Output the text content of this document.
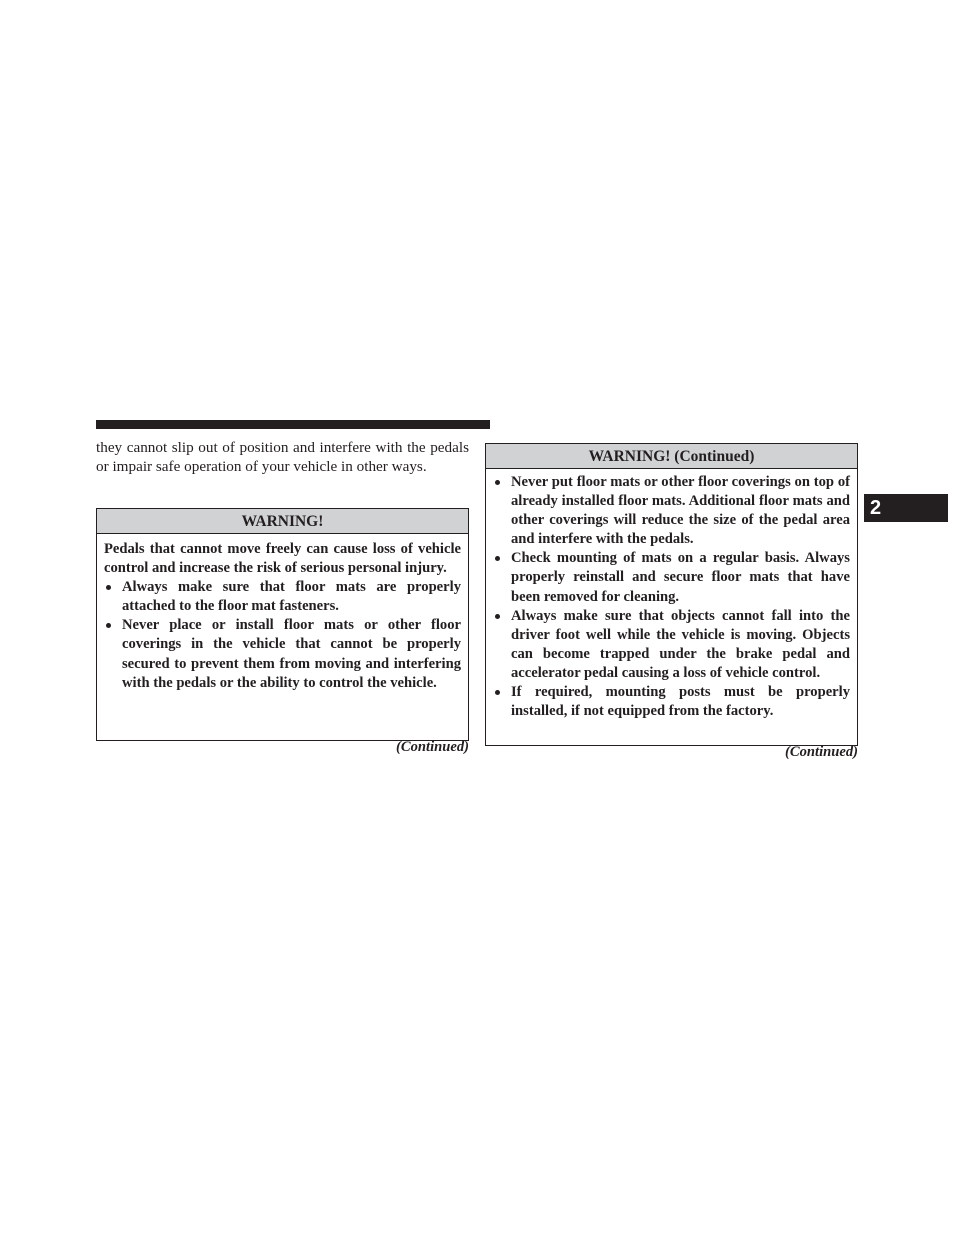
they cannot slip out of position and interfere with the pedals or impair safe operation of your vehicle in other ways.

WARNING!

Pedals that cannot move freely can cause loss of vehicle control and increase the risk of serious personal injury.

Always make sure that floor mats are properly attached to the floor mat fasteners.
Never place or install floor mats or other floor coverings in the vehicle that cannot be properly secured to prevent them from moving and interfering with the pedals or the ability to control the vehicle.
(Continued)
WARNING! (Continued)
Never put floor mats or other floor coverings on top of already installed floor mats. Additional floor mats and other coverings will reduce the size of the pedal area and interfere with the pedals.
Check mounting of mats on a regular basis. Always properly reinstall and secure floor mats that have been removed for cleaning.
Always make sure that objects cannot fall into the driver foot well while the vehicle is moving. Objects can become trapped under the brake pedal and accelerator pedal causing a loss of vehicle control.
If required, mounting posts must be properly installed, if not equipped from the factory.
(Continued)
2
